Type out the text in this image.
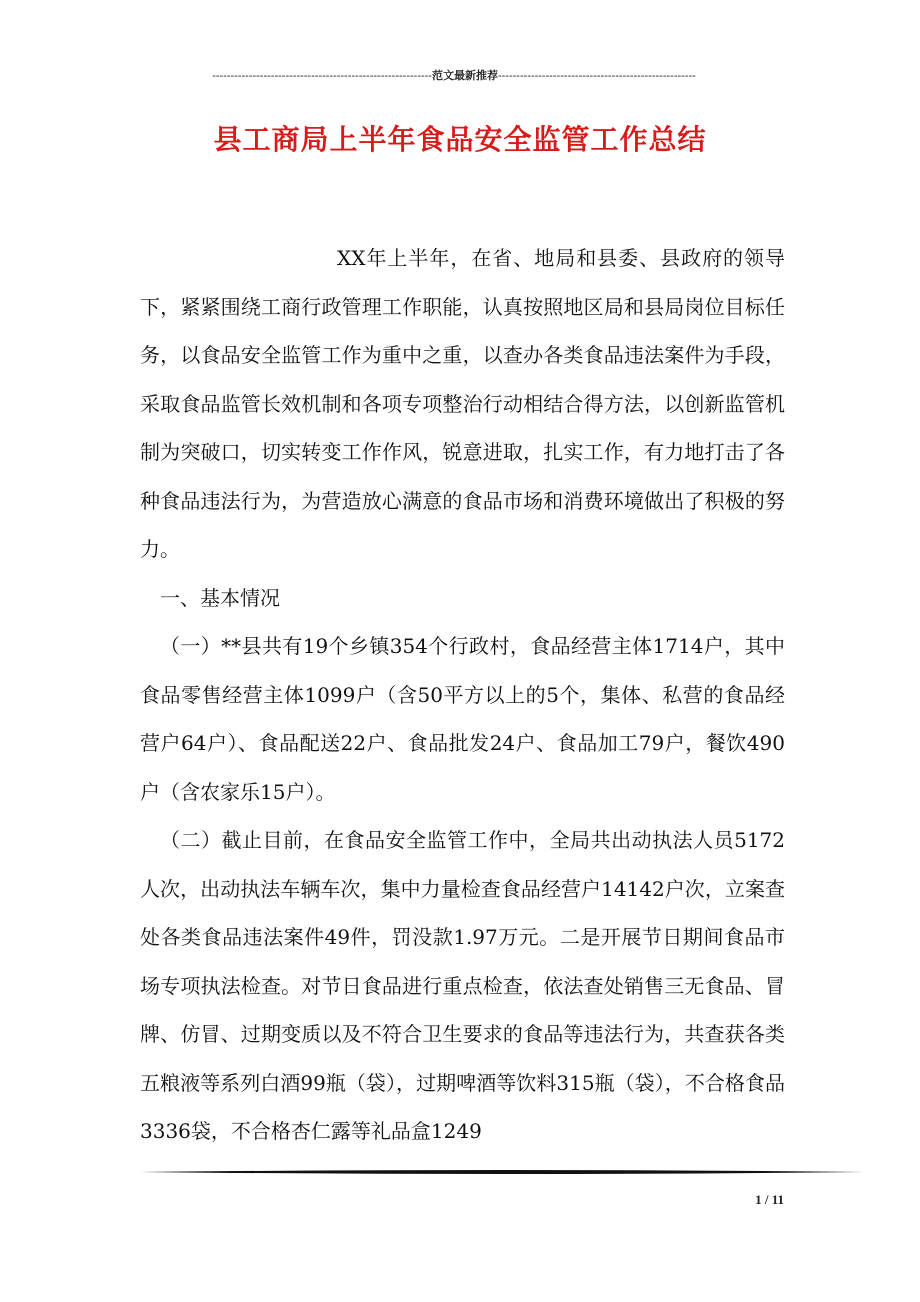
------------------------------------------------------------范文最新推荐------------------------------------------------------
县工商局上半年食品安全监管工作总结

XX年上半年，在省、地局和县委、县政府的领导下，紧紧围绕工商行政管理工作职能，认真按照地区局和县局岗位目标任务，以食品安全监管工作为重中之重，以查办各类食品违法案件为手段，采取食品监管长效机制和各项专项整治行动相结合得方法，以创新监管机制为突破口，切实转变工作作风，锐意进取，扎实工作，有力地打击了各种食品违法行为，为营造放心满意的食品市场和消费环境做出了积极的努力。

一、基本情况

（一）**县共有19个乡镇354个行政村，食品经营主体1714户，其中食品零售经营主体1099户（含50平方以上的5个，集体、私营的食品经营户64户）、食品配送22户、食品批发24户、食品加工79户，餐饮490户（含农家乐15户）。

（二）截止目前，在食品安全监管工作中，全局共出动执法人员5172人次，出动执法车辆车次，集中力量检查食品经营户14142户次，立案查处各类食品违法案件49件，罚没款1.97万元。二是开展节日期间食品市场专项执法检查。对节日食品进行重点检查，依法查处销售三无食品、冒牌、仿冒、过期变质以及不符合卫生要求的食品等违法行为，共查获各类五粮液等系列白酒99瓶（袋），过期啤酒等饮料315瓶（袋），不合格食品3336袋，不合格杏仁露等礼品盒1249

1 / 11
